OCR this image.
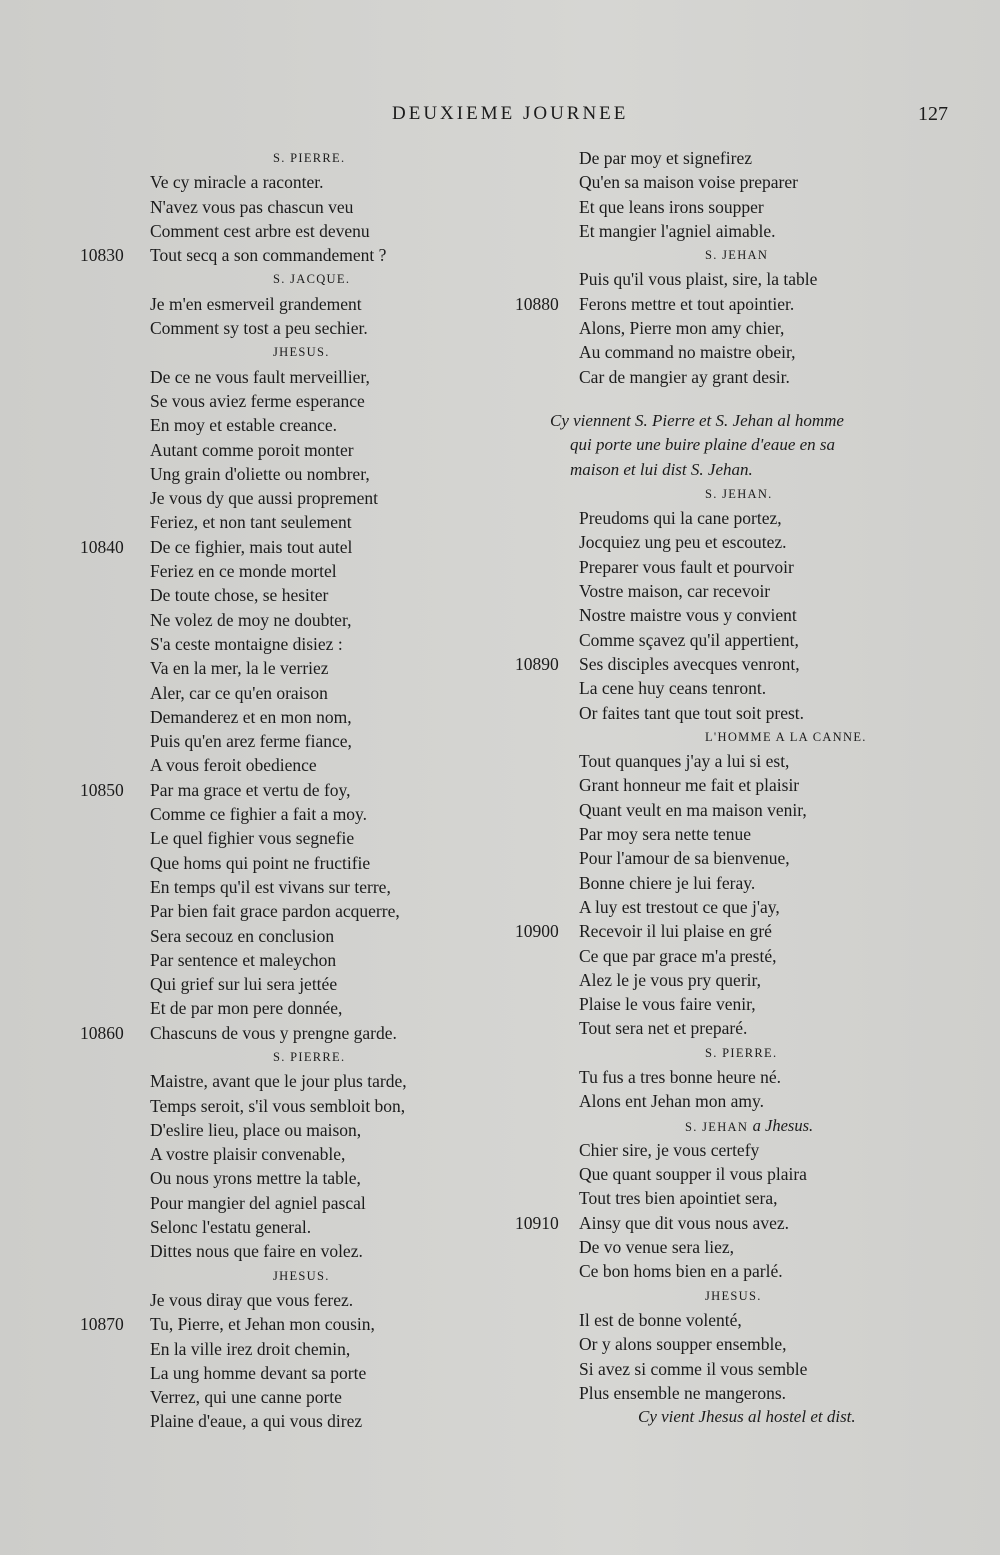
DEUXIEME JOURNEE	127
S. PIERRE.
Ve cy miracle a raconter.
N'avez vous pas chascun veu
Comment cest arbre est devenu
10830	Tout secq a son commandement ?
S. JACQUE.
Je m'en esmerveil grandement
Comment sy tost a peu sechier.
JHESUS.
De ce ne vous fault merveillier,
Se vous aviez ferme esperance
En moy et estable creance.
Autant comme poroit monter
Ung grain d'oliette ou nombrer,
Je vous dy que aussi proprement
Feriez, et non tant seulement
10840	De ce fighier, mais tout autel
Feriez en ce monde mortel
De toute chose, se hesiter
Ne volez de moy ne doubter,
S'a ceste montaigne disiez :
Va en la mer, la le verriez
Aler, car ce qu'en oraison
Demanderez et en mon nom,
Puis qu'en arez ferme fiance,
A vous feroit obedience
10850	Par ma grace et vertu de foy,
Comme ce fighier a fait a moy.
Le quel fighier vous segnefie
Que homs qui point ne fructifie
En temps qu'il est vivans sur terre,
Par bien fait grace pardon acquerre,
Sera secouz en conclusion
Par sentence et maleychon
Qui grief sur lui sera jettée
Et de par mon pere donnée,
10860	Chascuns de vous y prengne garde.
S. PIERRE.
Maistre, avant que le jour plus tarde,
Temps seroit, s'il vous sembloit bon,
D'eslire lieu, place ou maison,
A vostre plaisir convenable,
Ou nous yrons mettre la table,
Pour mangier del agniel pascal
Selonc l'estatu general.
Dittes nous que faire en volez.
JHESUS.
Je vous diray que vous ferez.
10870	Tu, Pierre, et Jehan mon cousin,
En la ville irez droit chemin,
La ung homme devant sa porte
Verrez, qui une canne porte
Plaine d'eaue, a qui vous direz
De par moy et signefirez
Qu'en sa maison voise preparer
Et que leans irons soupper
Et mangier l'agniel aimable.
S. JEHAN
Puis qu'il vous plaist, sire, la table
10880	Ferons mettre et tout apointier.
Alons, Pierre mon amy chier,
Au command no maistre obeir,
Car de mangier ay grant desir.
Cy viennent S. Pierre et S. Jehan al homme
qui porte une buire plaine d'eaue en sa
maison et lui dist S. Jehan.
S. JEHAN.
Preudoms qui la cane portez,
Jocquiez ung peu et escoutez.
Preparer vous fault et pourvoir
Vostre maison, car recevoir
Nostre maistre vous y convient
Comme sçavez qu'il appertient,
10890	Ses disciples avecques venront,
La cene huy ceans tenront.
Or faites tant que tout soit prest.
L'HOMME A LA CANNE.
Tout quanques j'ay a lui si est,
Grant honneur me fait et plaisir
Quant veult en ma maison venir,
Par moy sera nette tenue
Pour l'amour de sa bienvenue,
Bonne chiere je lui feray.
A luy est trestout ce que j'ay,
10900	Recevoir il lui plaise en gré
Ce que par grace m'a presté,
Alez le je vous pry querir,
Plaise le vous faire venir,
Tout sera net et preparé.
S. PIERRE.
Tu fus a tres bonne heure né.
Alons ent Jehan mon amy.
S. JEHAN a Jhesus.
Chier sire, je vous certefy
Que quant soupper il vous plaira
Tout tres bien apointiet sera,
10910	Ainsy que dit vous nous avez.
De vo venue sera liez,
Ce bon homs bien en a parlé.
JHESUS.
Il est de bonne volenté,
Or y alons soupper ensemble,
Si avez si comme il vous semble
Plus ensemble ne mangerons.
Cy vient Jhesus al hostel et dist.
